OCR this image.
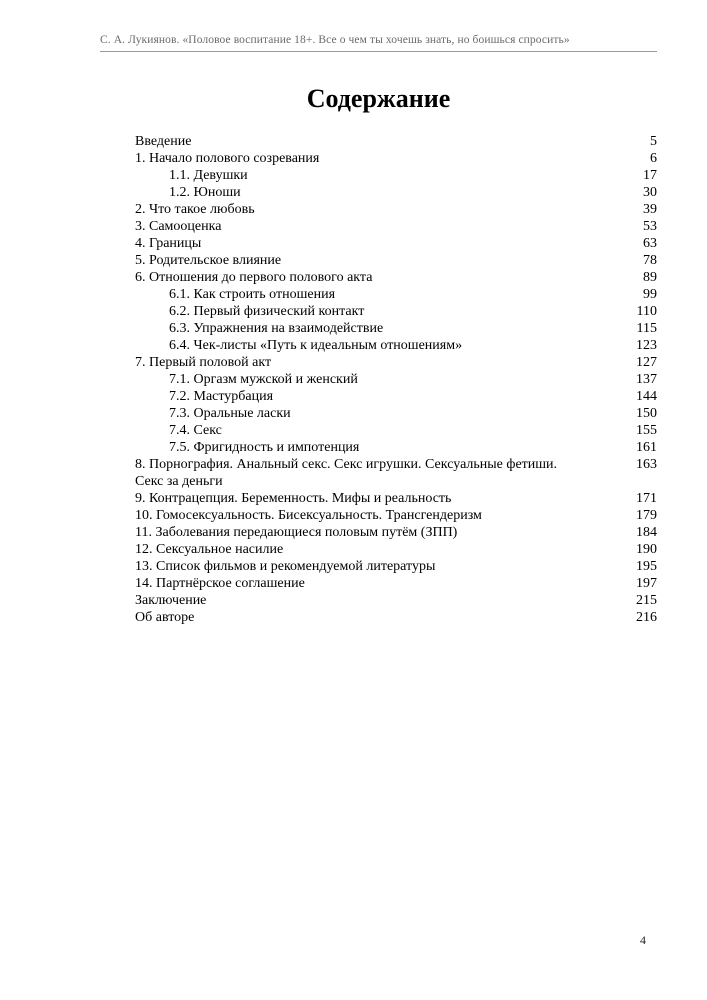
С. А. Лукиянов. «Половое воспитание 18+. Все о чем ты хочешь знать, но боишься спросить»
Содержание
Введение	5
1. Начало полового созревания	6
1.1. Девушки	17
1.2. Юноши	30
2. Что такое любовь	39
3. Самооценка	53
4. Границы	63
5. Родительское влияние	78
6. Отношения до первого полового акта	89
6.1. Как строить отношения	99
6.2. Первый физический контакт	110
6.3. Упражнения на взаимодействие	115
6.4. Чек-листы «Путь к идеальным отношениям»	123
7. Первый половой акт	127
7.1. Оргазм мужской и женский	137
7.2. Мастурбация	144
7.3. Оральные ласки	150
7.4. Секс	155
7.5. Фригидность и импотенция	161
8. Порнография. Анальный секс. Секс игрушки. Сексуальные фетиши.	163
Секс за деньги
9. Контрацепция. Беременность. Мифы и реальность	171
10. Гомосексуальность. Бисексуальность. Трансгендеризм	179
11. Заболевания передающиеся половым путём (ЗПП)	184
12. Сексуальное насилие	190
13. Список фильмов и рекомендуемой литературы	195
14. Партнёрское соглашение	197
Заключение	215
Об авторе	216
4
